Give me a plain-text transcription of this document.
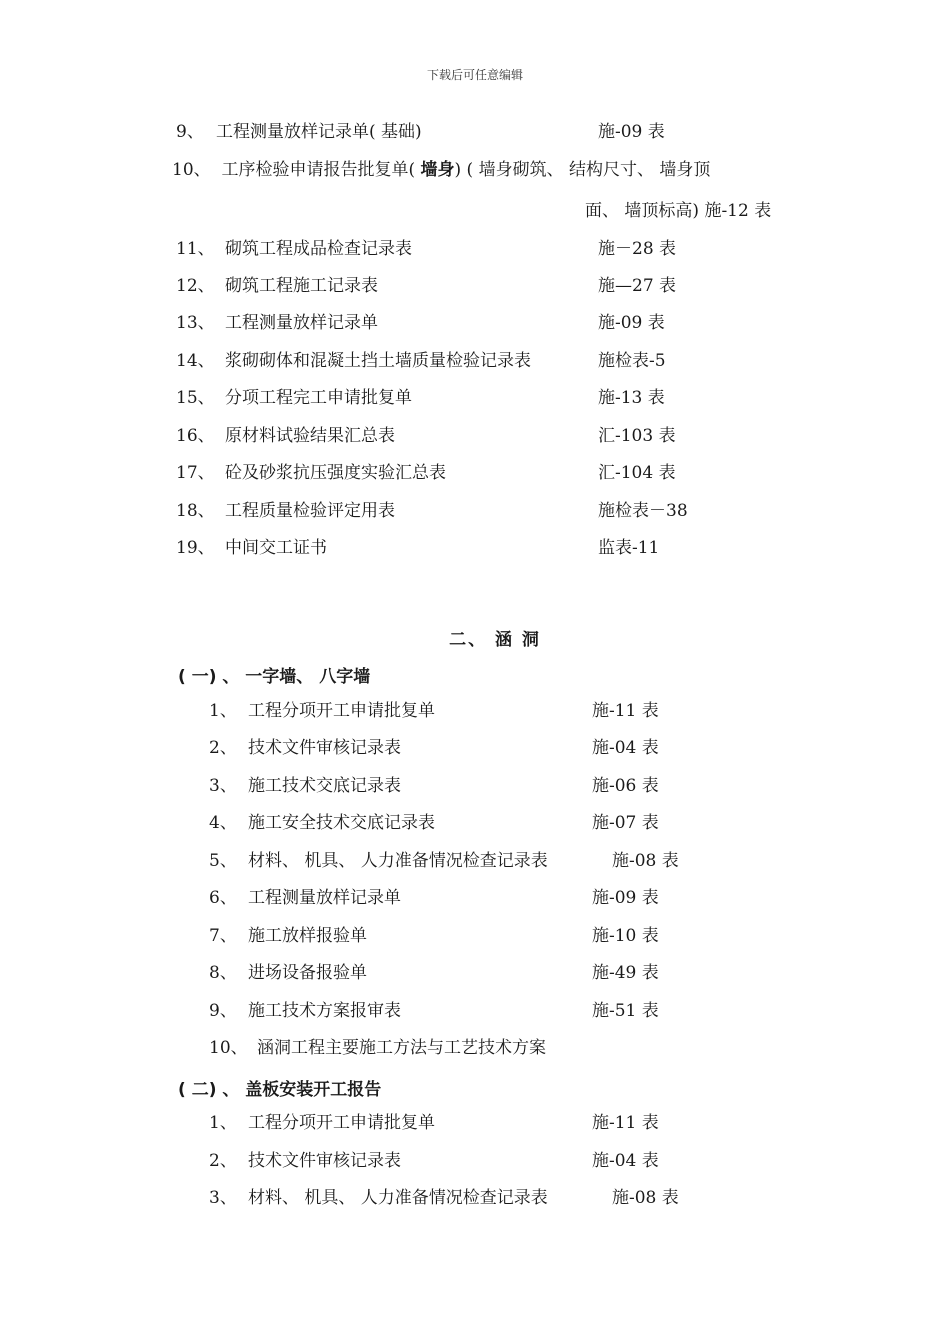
下载后可任意编辑
9、 工程测量放样记录单( 基础)	施-09 表
10、 工序检验申请报告批复单( 墙身) ( 墙身砌筑、 结构尺寸、 墙身顶
面、 墙顶标高) 施-12 表
11、 砌筑工程成品检查记录表	施－28 表
12、 砌筑工程施工记录表	施—27 表
13、 工程测量放样记录单	施-09 表
14、 浆砌砌体和混凝土挡土墙质量检验记录表	施检表-5
15、 分项工程完工申请批复单	施-13 表
16、 原材料试验结果汇总表	汇-103 表
17、 砼及砂浆抗压强度实验汇总表	汇-104 表
18、 工程质量检验评定用表	施检表－38
19、 中间交工证书	监表-11
二、 涵 洞
( 一) 、 一字墙、 八字墙
1、 工程分项开工申请批复单	施-11 表
2、 技术文件审核记录表	施-04 表
3、 施工技术交底记录表	施-06 表
4、 施工安全技术交底记录表	施-07 表
5、 材料、 机具、 人力准备情况检查记录表	施-08 表
6、 工程测量放样记录单	施-09 表
7、 施工放样报验单	施-10 表
8、 进场设备报验单	施-49 表
9、 施工技术方案报审表	施-51 表
10、 涵洞工程主要施工方法与工艺技术方案
( 二) 、 盖板安装开工报告
1、 工程分项开工申请批复单	施-11 表
2、 技术文件审核记录表	施-04 表
3、 材料、 机具、 人力准备情况检查记录表	施-08 表
